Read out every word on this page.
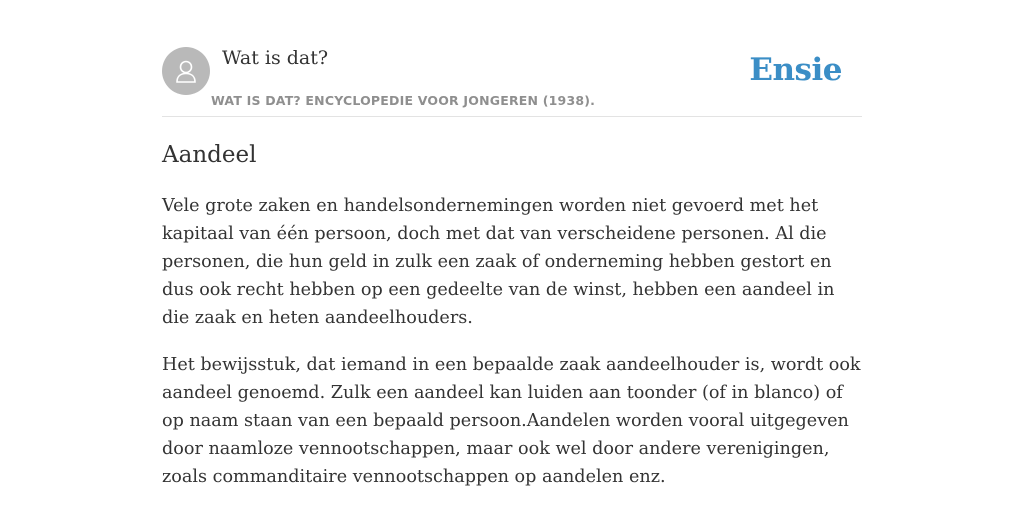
Wat is dat?
WAT IS DAT? ENCYCLOPEDIE VOOR JONGEREN (1938).
Ensie
Aandeel

Vele grote zaken en handelsondernemingen worden niet gevoerd met het kapitaal van één persoon, doch met dat van verscheidene personen. Al die personen, die hun geld in zulk een zaak of onderneming hebben gestort en dus ook recht hebben op een gedeelte van de winst, hebben een aandeel in die zaak en heten aandeelhouders.

Het bewijsstuk, dat iemand in een bepaalde zaak aandeelhouder is, wordt ook aandeel genoemd. Zulk een aandeel kan luiden aan toonder (of in blanco) of op naam staan van een bepaald persoon.Aandelen worden vooral uitgegeven door naamloze vennootschappen, maar ook wel door andere verenigingen, zoals commanditaire vennootschappen op aandelen enz.
